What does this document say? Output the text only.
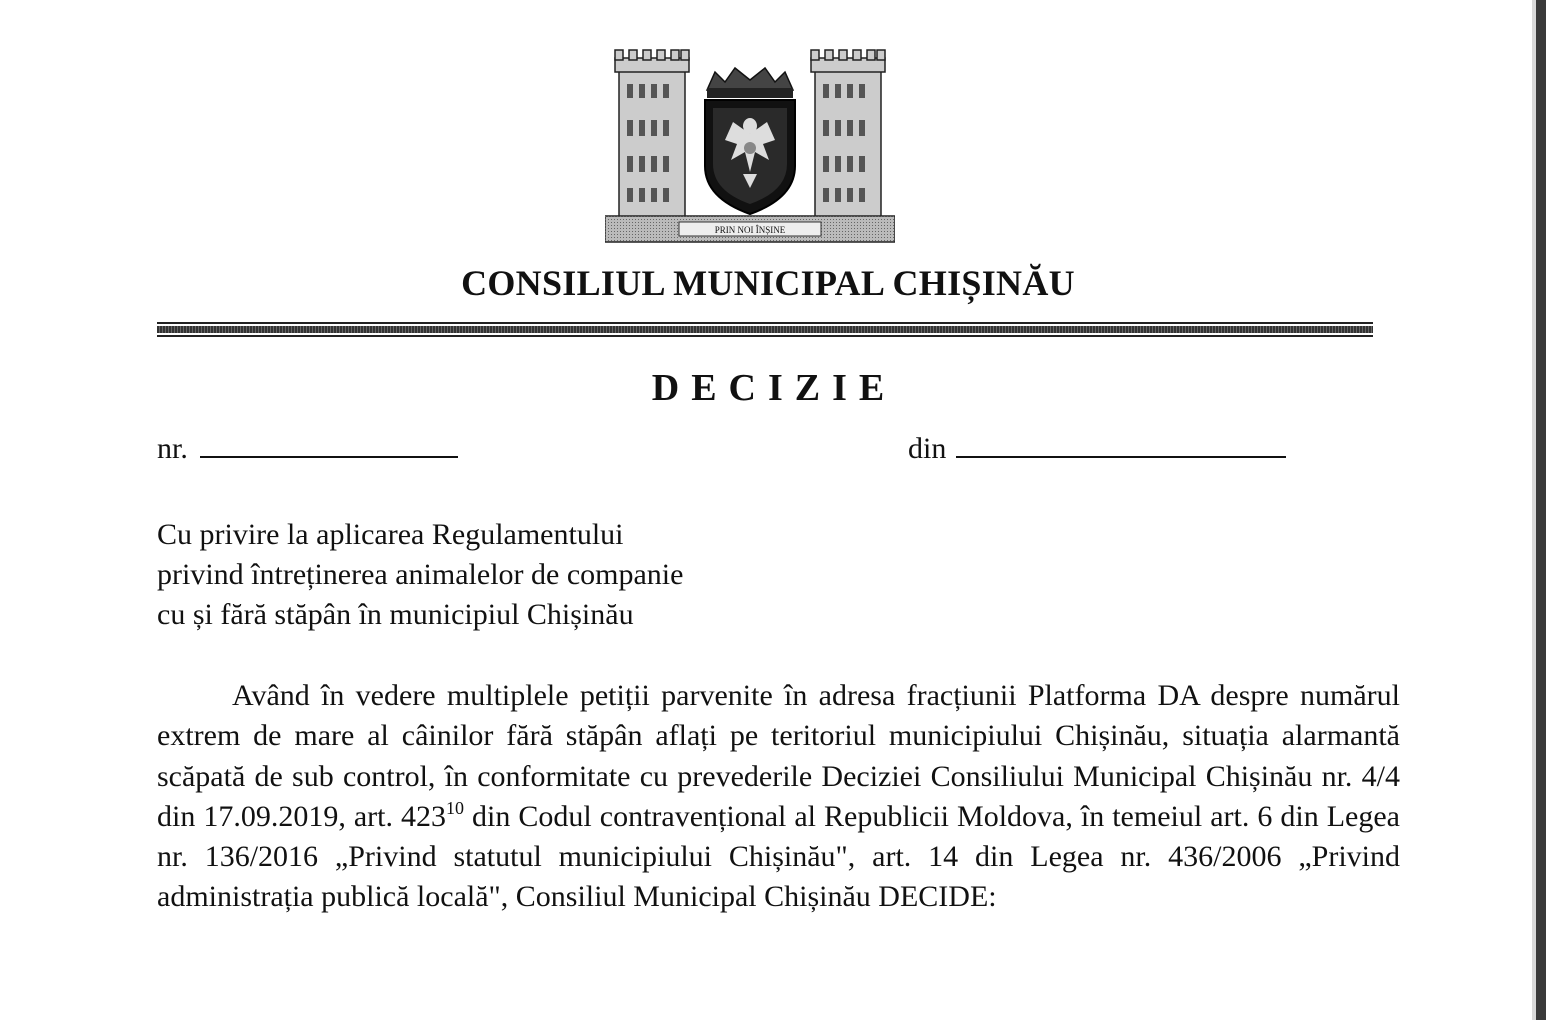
PRIN NOI ÎNȘINE
CONSILIUL MUNICIPAL CHIȘINĂU
DECIZIE
nr.	din
Cu privire la aplicarea Regulamentului
privind întreținerea animalelor de companie
cu și fără stăpân în municipiul Chișinău

Având în vedere multiplele petiții parvenite în adresa fracțiunii Platforma DA despre numărul extrem de mare al câinilor fără stăpân aflați pe teritoriul municipiului Chișinău, situația alarmantă scăpată de sub control, în conformitate cu prevederile Deciziei Consiliului Municipal Chișinău nr. 4/4 din 17.09.2019, art. $423^{10}$ din Codul contravențional al Republicii Moldova, în temeiul art. 6 din Legea nr. 136/2016 „Privind statutul municipiului Chișinău", art. 14 din Legea nr. 436/2006 „Privind administrația publică locală", Consiliul Municipal Chișinău DECIDE:
